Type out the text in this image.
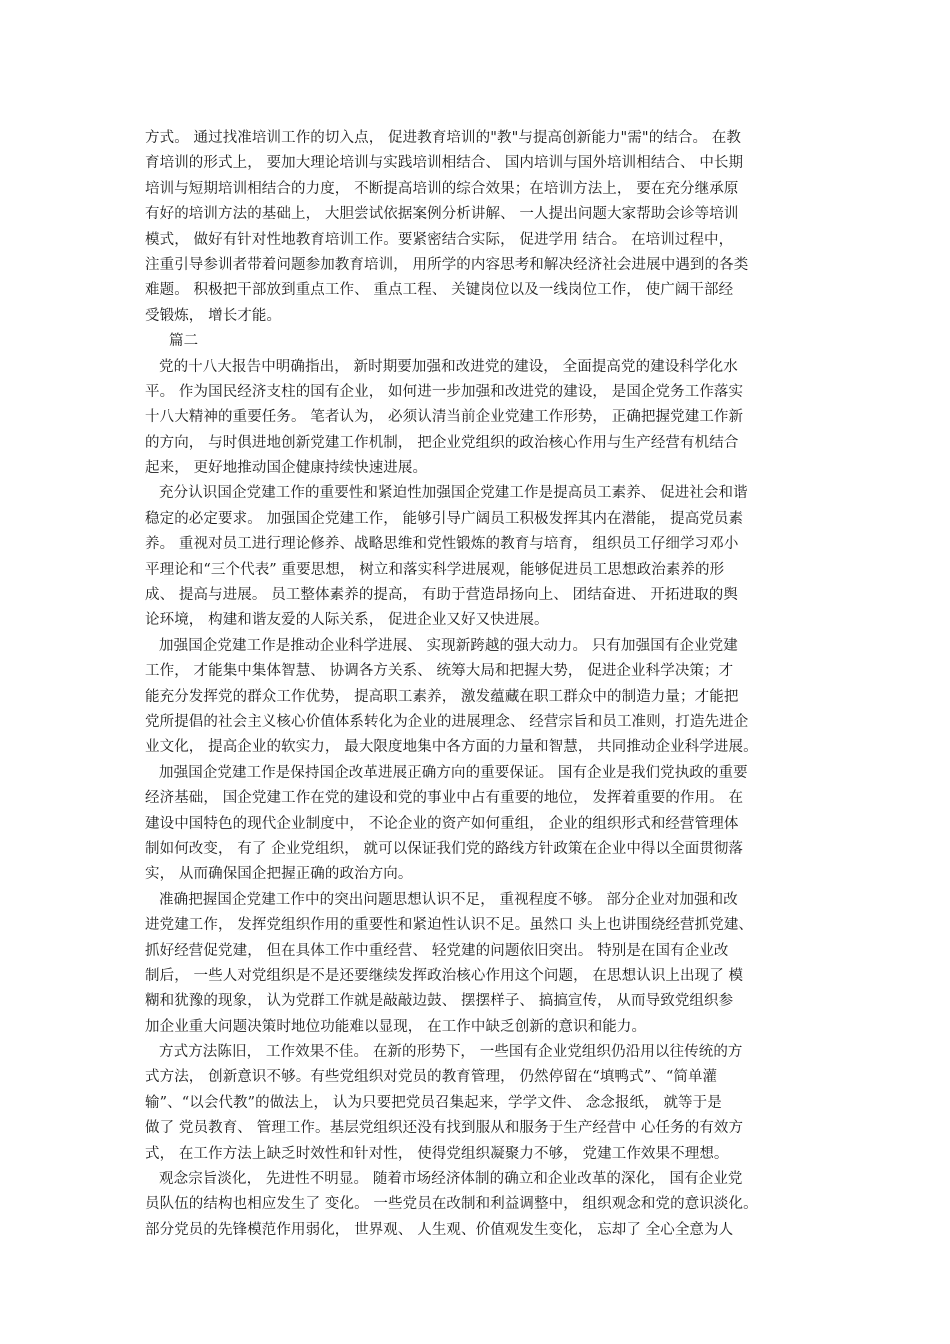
方式。 通过找准培训工作的切入点， 促进教育培训的"教"与提高创新能力"需"的结合。 在教
育培训的形式上， 要加大理论培训与实践培训相结合、 国内培训与国外培训相结合、 中长期
培训与短期培训相结合的力度， 不断提高培训的综合效果；在培训方法上， 要在充分继承原
有好的培训方法的基础上， 大胆尝试依据案例分析讲解、 一人提出问题大家帮助会诊等培训
模式， 做好有针对性地教育培训工作。要紧密结合实际， 促进学用 结合。 在培训过程中，
注重引导参训者带着问题参加教育培训， 用所学的内容思考和解决经济社会进展中遇到的各类
难题。 积极把干部放到重点工作、 重点工程、 关键岗位以及一线岗位工作， 使广阔干部经
受锻炼， 增长才能。
篇二
党的十八大报告中明确指出， 新时期要加强和改进党的建设， 全面提高党的建设科学化水
平。 作为国民经济支柱的国有企业， 如何进一步加强和改进党的建设， 是国企党务工作落实
十八大精神的重要任务。 笔者认为， 必须认清当前企业党建工作形势， 正确把握党建工作新
的方向， 与时俱进地创新党建工作机制， 把企业党组织的政治核心作用与生产经营有机结合
起来， 更好地推动国企健康持续快速进展。
充分认识国企党建工作的重要性和紧迫性加强国企党建工作是提高员工素养、 促进社会和谐
稳定的必定要求。 加强国企党建工作， 能够引导广阔员工积极发挥其内在潜能， 提高党员素
养。 重视对员工进行理论修养、战略思维和党性锻炼的教育与培育， 组织员工仔细学习邓小
平理论和“三个代表” 重要思想， 树立和落实科学进展观，能够促进员工思想政治素养的形
成、 提高与进展。 员工整体素养的提高， 有助于营造昂扬向上、 团结奋进、 开拓进取的舆
论环境， 构建和谐友爱的人际关系， 促进企业又好又快进展。
加强国企党建工作是推动企业科学进展、 实现新跨越的强大动力。 只有加强国有企业党建
工作， 才能集中集体智慧、 协调各方关系、 统筹大局和把握大势， 促进企业科学决策；才
能充分发挥党的群众工作优势， 提高职工素养， 激发蕴藏在职工群众中的制造力量；才能把
党所提倡的社会主义核心价值体系转化为企业的进展理念、 经营宗旨和员工准则，打造先进企
业文化， 提高企业的软实力， 最大限度地集中各方面的力量和智慧， 共同推动企业科学进展。
加强国企党建工作是保持国企改革进展正确方向的重要保证。 国有企业是我们党执政的重要
经济基础， 国企党建工作在党的建设和党的事业中占有重要的地位， 发挥着重要的作用。 在
建设中国特色的现代企业制度中， 不论企业的资产如何重组， 企业的组织形式和经营管理体
制如何改变， 有了 企业党组织， 就可以保证我们党的路线方针政策在企业中得以全面贯彻落
实， 从而确保国企把握正确的政治方向。
准确把握国企党建工作中的突出问题思想认识不足， 重视程度不够。 部分企业对加强和改
进党建工作， 发挥党组织作用的重要性和紧迫性认识不足。虽然口 头上也讲围绕经营抓党建、
抓好经营促党建， 但在具体工作中重经营、 轻党建的问题依旧突出。 特别是在国有企业改
制后， 一些人对党组织是不是还要继续发挥政治核心作用这个问题， 在思想认识上出现了 模
糊和犹豫的现象， 认为党群工作就是敲敲边鼓、 摆摆样子、 搞搞宣传， 从而导致党组织参
加企业重大问题决策时地位功能难以显现， 在工作中缺乏创新的意识和能力。
方式方法陈旧， 工作效果不佳。 在新的形势下， 一些国有企业党组织仍沿用以往传统的方
式方法， 创新意识不够。有些党组织对党员的教育管理， 仍然停留在“填鸭式”、“简单灌
输”、“以会代教”的做法上， 认为只要把党员召集起来，学学文件、 念念报纸， 就等于是
做了 党员教育、 管理工作。基层党组织还没有找到服从和服务于生产经营中 心任务的有效方
式， 在工作方法上缺乏时效性和针对性， 使得党组织凝聚力不够， 党建工作效果不理想。
观念宗旨淡化， 先进性不明显。 随着市场经济体制的确立和企业改革的深化， 国有企业党
员队伍的结构也相应发生了 变化。 一些党员在改制和利益调整中， 组织观念和党的意识淡化。
部分党员的先锋模范作用弱化， 世界观、 人生观、价值观发生变化， 忘却了 全心全意为人
